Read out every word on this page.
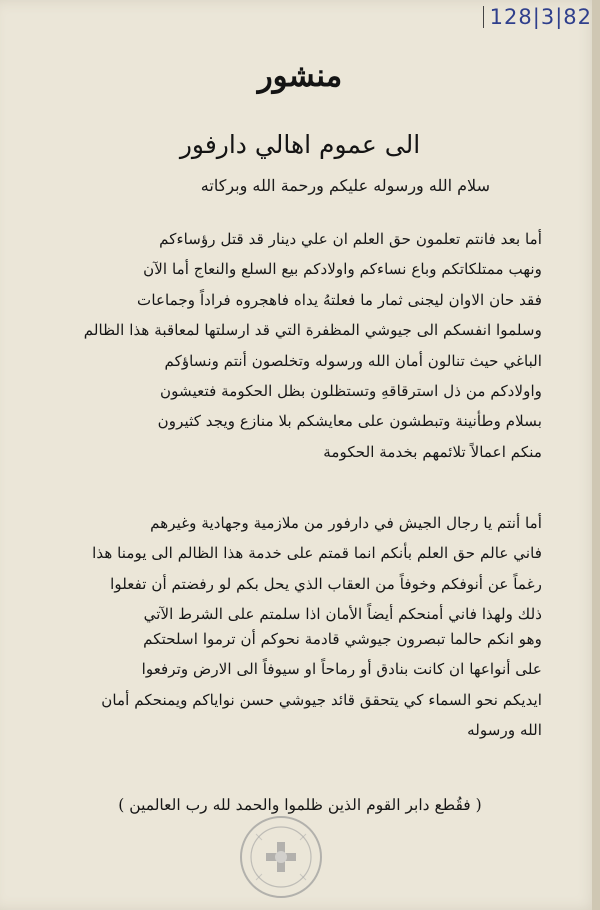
128|3|82
منشور
الى عموم اهالي دارفور
سلام الله ورسوله عليكم ورحمة الله وبركاته
أما بعد فانتم تعلمون حق العلم ان علي دينار قد قتل رؤساءكم
ونهب ممتلكاتكم وباع نساءكم واولادكم بيع السلع والنعاج أما الآن
فقد حان الاوان ليجنى ثمار ما فعلتهُ يداه فاهجروه فراداً وجماعات
وسلموا انفسكم الى جيوشي المظفرة التي قد ارسلتها لمعاقبة هذا الظالم
الباغي حيث تنالون أمان الله ورسوله وتخلصون أنتم ونساؤكم
واولادكم من ذل استرقاقهِ وتستظلون بظل الحكومة فتعيشون
بسلام وطأنينة وتبطشون على معايشكم بلا منازع ويجد كثيرون
منكم اعمالاً تلائمهم بخدمة الحكومة
أما أنتم يا رجال الجيش في دارفور من ملازمية وجهادية وغيرهم
فاني عالم حق العلم بأنكم انما قمتم على خدمة هذا الظالم الى يومنا هذا
رغماً عن أنوفكم وخوفاً من العقاب الذي يحل بكم لو رفضتم أن تفعلوا
ذلك ولهذا فاني أمنحكم أيضاً الأمان اذا سلمتم على الشرط الآتي
وهو انكم حالما تبصرون جيوشي قادمة نحوكم أن ترموا اسلحتكم
على أنواعها ان كانت بنادق أو رماحاً او سيوفاً الى الارض وترفعوا
ايديكم نحو السماء كي يتحقق قائد جيوشي حسن نواياكم ويمنحكم أمان
الله ورسوله
( فقُطع دابر القوم الذين ظلموا والحمد لله رب العالمين )
